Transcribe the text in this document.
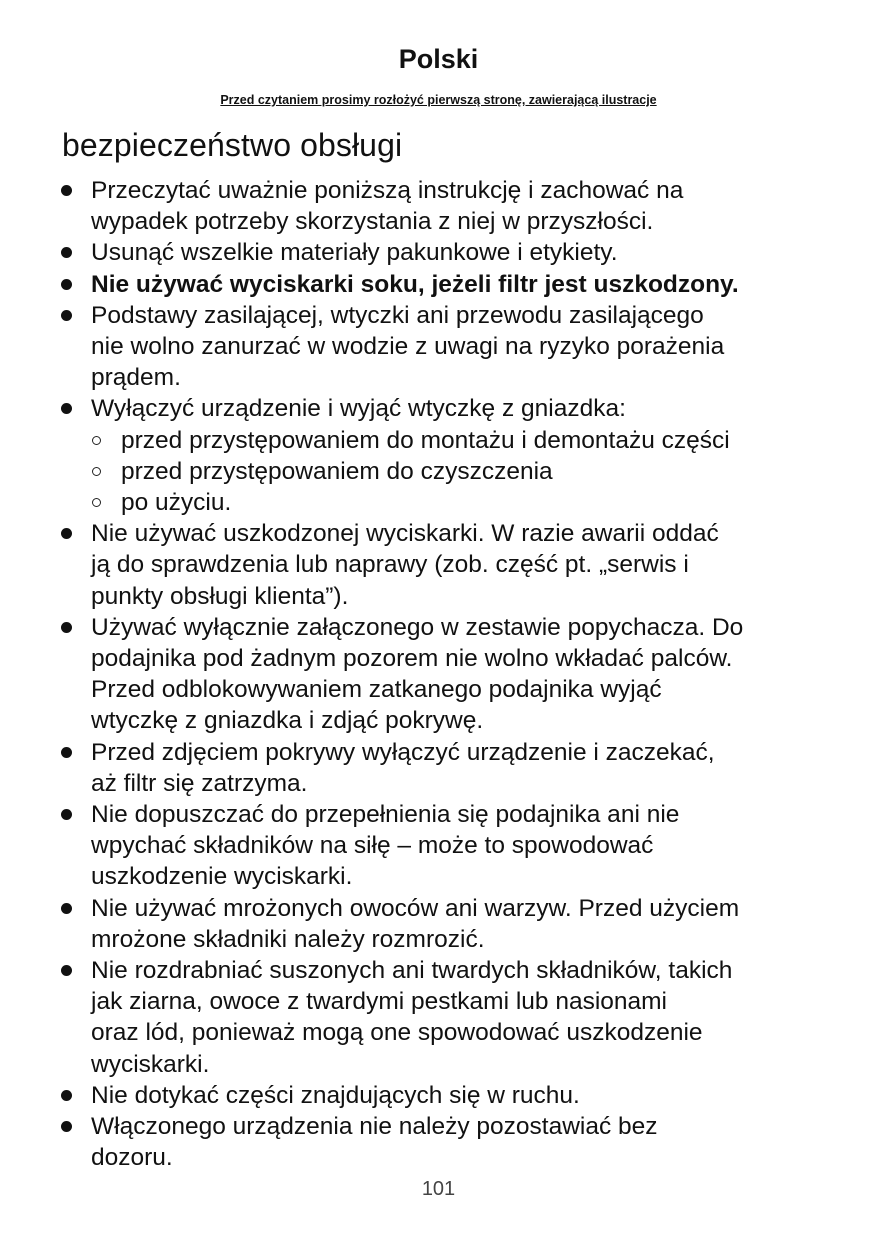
Polski
Przed czytaniem prosimy rozłożyć pierwszą stronę, zawierającą ilustracje
bezpieczeństwo obsługi
Przeczytać uważnie poniższą instrukcję i zachować na
wypadek potrzeby skorzystania z niej w przyszłości.
Usunąć wszelkie materiały pakunkowe i etykiety.
Nie używać wyciskarki soku, jeżeli filtr jest uszkodzony.
Podstawy zasilającej, wtyczki ani przewodu zasilającego
nie wolno zanurzać w wodzie z uwagi na ryzyko porażenia
prądem.
Wyłączyć urządzenie i wyjąć wtyczkę z gniazdka:
przed przystępowaniem do montażu i demontażu części
przed przystępowaniem do czyszczenia
po użyciu.
Nie używać uszkodzonej wyciskarki. W razie awarii oddać
ją do sprawdzenia lub naprawy (zob. część pt. „serwis i
punkty obsługi klienta”).
Używać wyłącznie załączonego w zestawie popychacza. Do
podajnika pod żadnym pozorem nie wolno wkładać palców.
Przed odblokowywaniem zatkanego podajnika wyjąć
wtyczkę z gniazdka i zdjąć pokrywę.
Przed zdjęciem pokrywy wyłączyć urządzenie i zaczekać,
aż filtr się zatrzyma.
Nie dopuszczać do przepełnienia się podajnika ani nie
wpychać składników na siłę – może to spowodować
uszkodzenie wyciskarki.
Nie używać mrożonych owoców ani warzyw. Przed użyciem
mrożone składniki należy rozmrozić.
Nie rozdrabniać suszonych ani twardych składników, takich
jak ziarna, owoce z twardymi pestkami lub nasionami
oraz lód, ponieważ mogą one spowodować uszkodzenie
wyciskarki.
Nie dotykać części znajdujących się w ruchu.
Włączonego urządzenia nie należy pozostawiać bez
dozoru.
101
